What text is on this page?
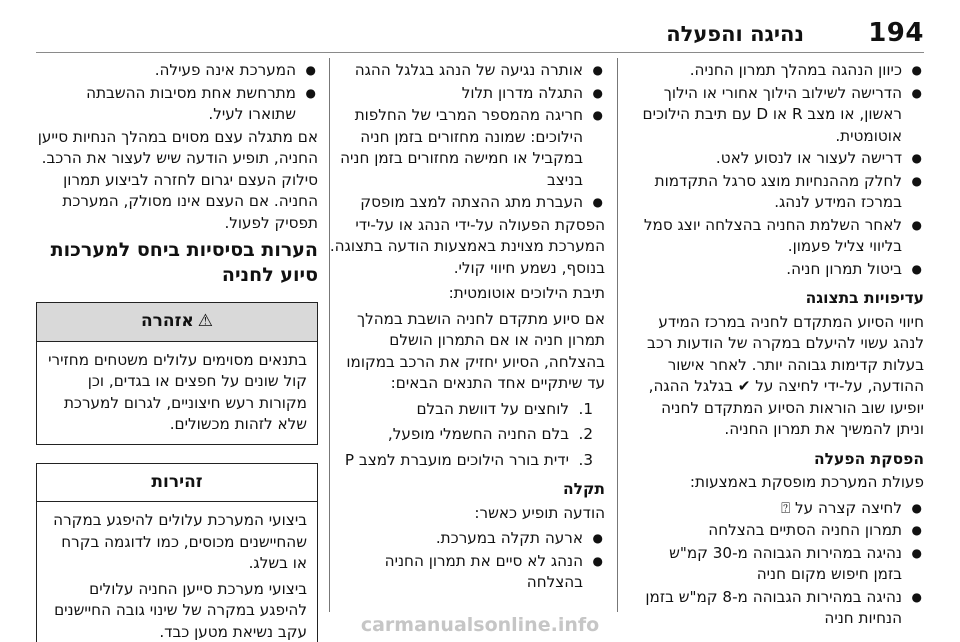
194
נהיגה והפעלה
● כיוון הנהגה במהלך תמרון החניה.
● הדרישה לשילוב הילוך אחורי או הילוך ראשון, או מצב R או D עם תיבת הילוכים אוטומטית.
● דרישה לעצור או לנסוע לאט.
● לחלק מההנחיות מוצג סרגל התקדמות במרכז המידע לנהג.
● לאחר השלמת החניה בהצלחה יוצג סמל בליווי צליל פעמון.
● ביטול תמרון חניה.
עדיפויות בתצוגה
חיווי הסיוע המתקדם לחניה במרכז המידע לנהג עשוי להיעלם במקרה של הודעות רכב בעלות קדימות גבוהה יותר. לאחר אישור ההודעה, על-ידי לחיצה על ✔ בגלגל ההגה, יופיעו שוב הוראות הסיוע המתקדם לחניה וניתן להמשיך את תמרון החניה.
הפסקת הפעלה
פעולת המערכת מופסקת באמצעות:
● לחיצה קצרה על ⍰
● תמרון החניה הסתיים בהצלחה
● נהיגה במהירות הגבוהה מ-30 קמ"ש בזמן חיפוש מקום חניה
● נהיגה במהירות הגבוהה מ-8 קמ"ש בזמן הנחיות חניה
● אותרה נגיעה של הנהג בגלגל ההגה
● התגלה מדרון תלול
● חריגה מהמספר המרבי של החלפות הילוכים: שמונה מחזורים בזמן חניה במקביל או חמישה מחזורים בזמן חניה בניצב
● העברת מתג ההצתה למצב מופסק
הפסקת הפעולה על-ידי הנהג או על-ידי המערכת מצוינת באמצעות הודעה בתצוגה. בנוסף, נשמע חיווי קולי.
תיבת הילוכים אוטומטית:
אם סיוע מתקדם לחניה הושבת במהלך תמרון חניה או אם התמרון הושלם בהצלחה, הסיוע יחזיק את הרכב במקומו עד שיתקיים אחד התנאים הבאים:
1.
לוחצים על דוושת הבלם
2.
בלם החניה החשמלי מופעל,
3.
ידית בורר הילוכים מועברת למצב P
תקלה
הודעה תופיע כאשר:
● ארעה תקלה במערכת.
● הנהג לא סיים את תמרון החניה בהצלחה
● המערכת אינה פעילה.
● מתרחשת אחת מסיבות ההשבתה שתוארו לעיל.
אם מתגלה עצם מסוים במהלך הנחיות סייען החניה, תופיע הודעה שיש לעצור את הרכב. סילוק העצם יגרום לחזרה לביצוע תמרון החניה. אם העצם אינו מסולק, המערכת תפסיק לפעול.
הערות בסיסיות ביחס למערכות סיוע לחניה
⚠אזהרה
בתנאים מסוימים עלולים משטחים מחזירי קול שונים על חפצים או בגדים, וכן מקורות רעש חיצוניים, לגרום למערכת שלא לזהות מכשולים.
זהירות
ביצועי המערכת עלולים להיפגע במקרה שהחיישנים מכוסים, כמו לדוגמה בקרח או בשלג.
ביצועי מערכת סייען החניה עלולים להיפגע במקרה של שינוי גובה החיישנים עקב נשיאת מטען כבד.	carmanualsonline.info
